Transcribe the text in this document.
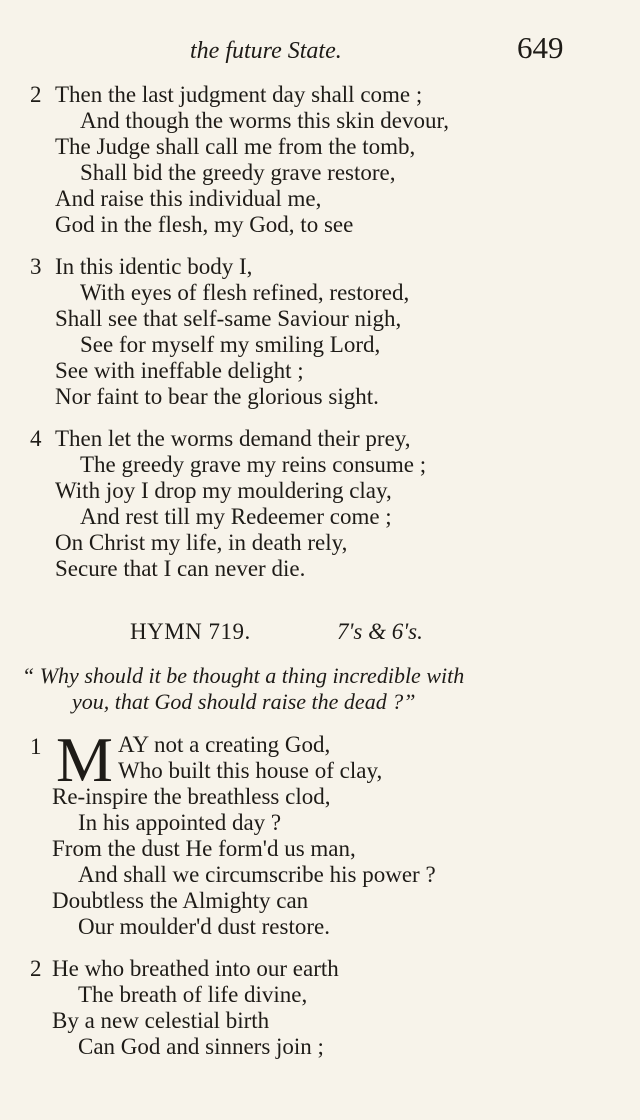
the future State.	649
2 Then the last judgment day shall come ;
And though the worms this skin devour,
The Judge shall call me from the tomb,
Shall bid the greedy grave restore,
And raise this individual me,
God in the flesh, my God, to see
3 In this identic body I,
With eyes of flesh refined, restored,
Shall see that self-same Saviour nigh,
See for myself my smiling Lord,
See with ineffable delight ;
Nor faint to bear the glorious sight.
4 Then let the worms demand their prey,
The greedy grave my reins consume ;
With joy I drop my mouldering clay,
And rest till my Redeemer come ;
On Christ my life, in death rely,
Secure that I can never die.
HYMN 719.	7's & 6's.
“ Why should it be thought a thing incredible with
you, that God should raise the dead ?”
1 M AY not a creating God,
Who built this house of clay,
Re-inspire the breathless clod,
In his appointed day ?
From the dust He form'd us man,
And shall we circumscribe his power ?
Doubtless the Almighty can
Our moulder'd dust restore.
2 He who breathed into our earth
The breath of life divine,
By a new celestial birth
Can God and sinners join ;
